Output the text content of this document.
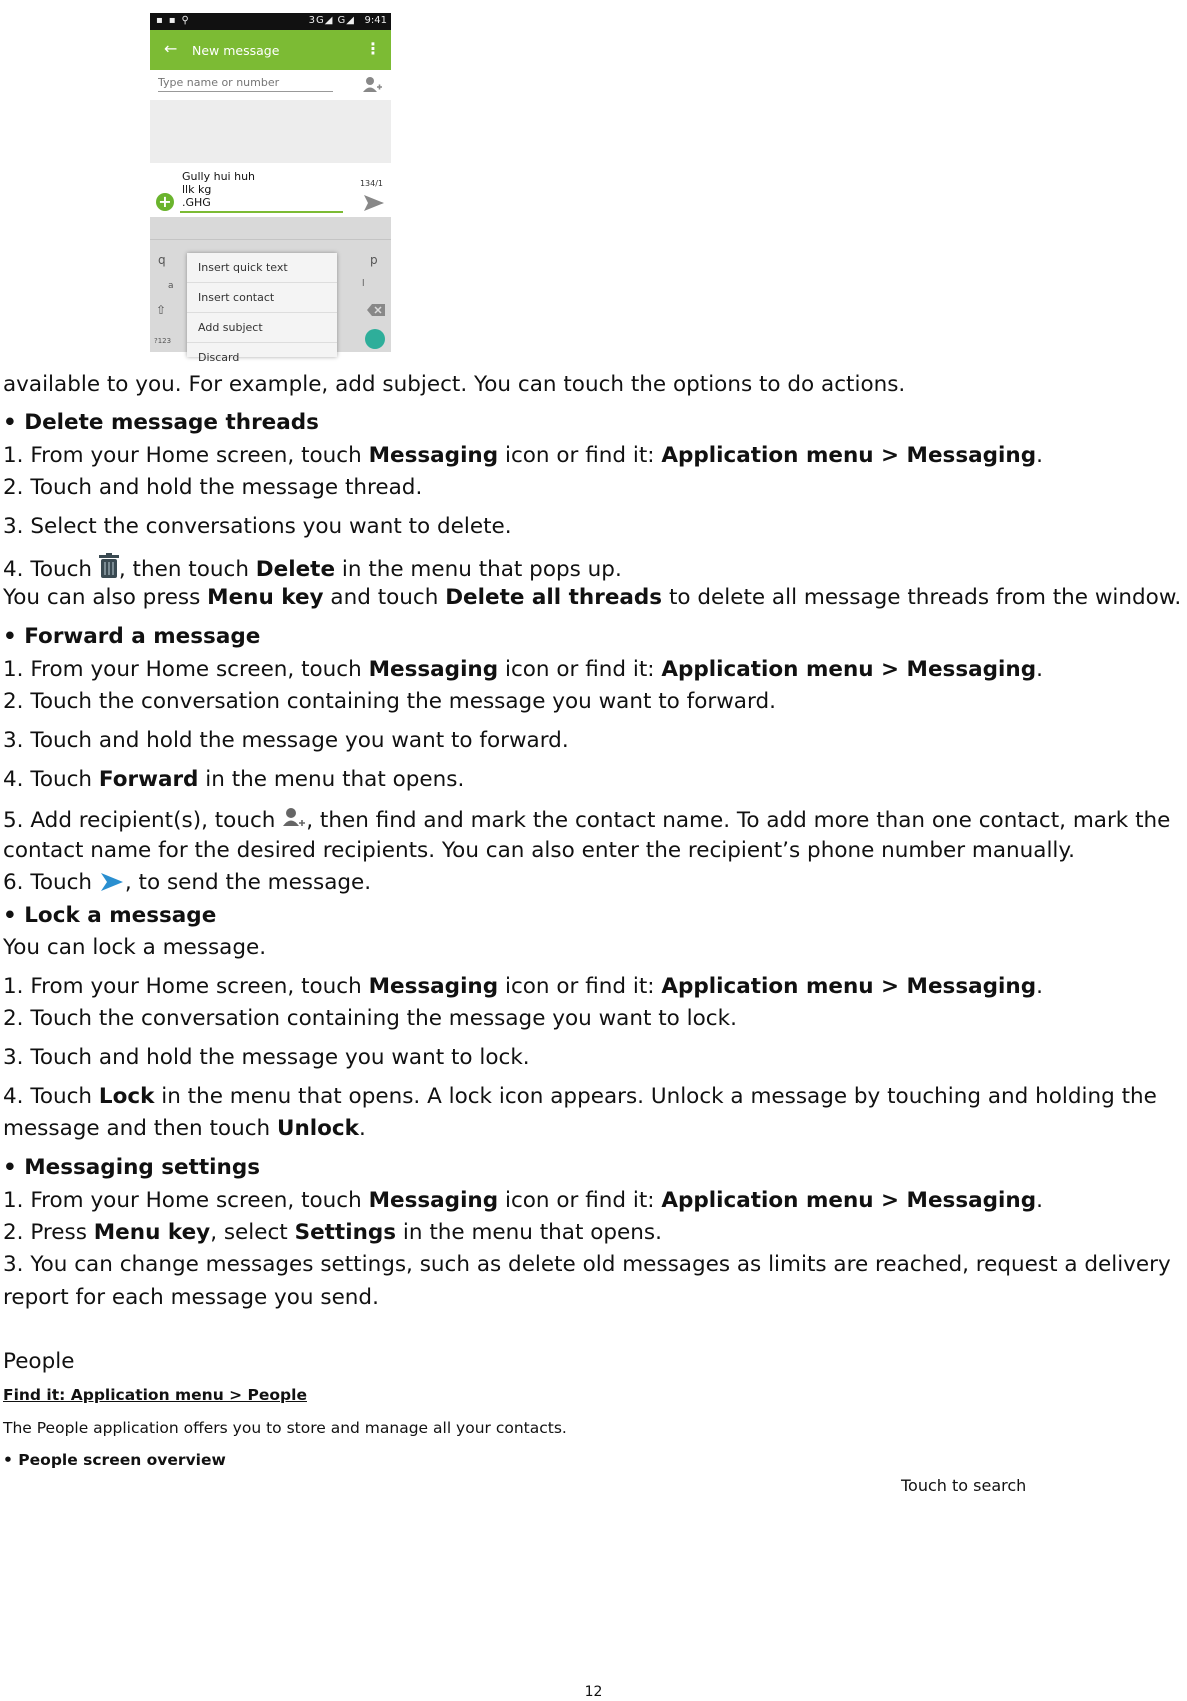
▪▪⚲	3G◢ G◢ 9:41
← New message	⋮
Type name or number
Gully hui huh
llk kg
.GHG
+
134/1
q	p
a	l
⇧
?123
Insert quick text
Insert contact
Add subject
Discard
available to you. For example, add subject. You can touch the options to do actions.
• Delete message threads
1. From your Home screen, touch Messaging icon or find it: Application menu > Messaging.
2. Touch and hold the message thread.
3. Select the conversations you want to delete.
4. Touch , then touch Delete in the menu that pops up.
You can also press Menu key and touch Delete all threads to delete all message threads from the window.
• Forward a message
1. From your Home screen, touch Messaging icon or find it: Application menu > Messaging.
2. Touch the conversation containing the message you want to forward.
3. Touch and hold the message you want to forward.
4. Touch Forward in the menu that opens.
5. Add recipient(s), touch , then find and mark the contact name. To add more than one contact, mark the
contact name for the desired recipients. You can also enter the recipient’s phone number manually.
6. Touch , to send the message.
• Lock a message
You can lock a message.
1. From your Home screen, touch Messaging icon or find it: Application menu > Messaging.
2. Touch the conversation containing the message you want to lock.
3. Touch and hold the message you want to lock.
4. Touch Lock in the menu that opens. A lock icon appears. Unlock a message by touching and holding the
message and then touch Unlock.
• Messaging settings
1. From your Home screen, touch Messaging icon or find it: Application menu > Messaging.
2. Press Menu key, select Settings in the menu that opens.
3. You can change messages settings, such as delete old messages as limits are reached, request a delivery
report for each message you send.
People
Find it: Application menu > People
The People application offers you to store and manage all your contacts.
• People screen overview
Touch to search
12
